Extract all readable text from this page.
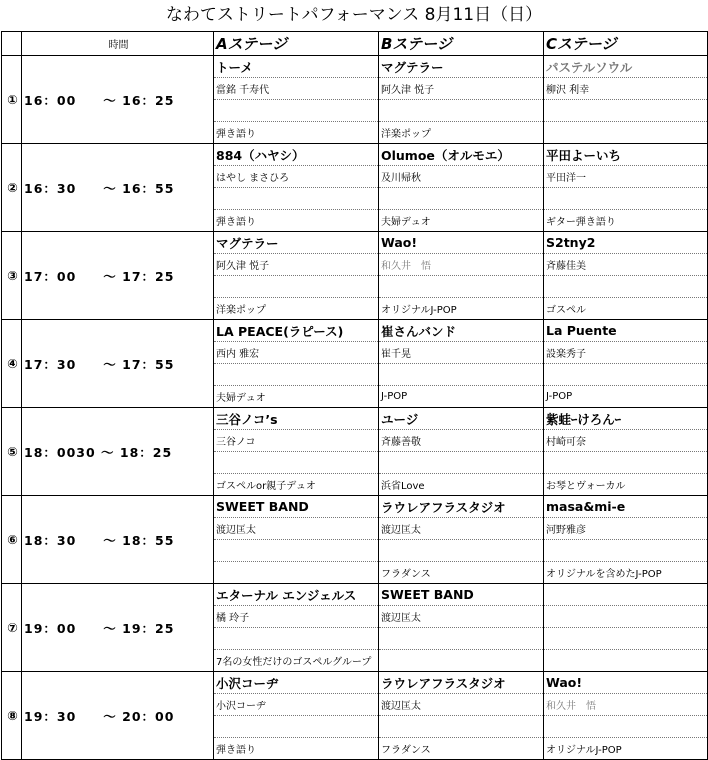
なわてストリートパフォーマンス 8月11日（日）
	時間	Aステージ	Bステージ	Cステージ
①	16：00　　〜 16：25	トーメ	マグテラー	パステルソウル
		當銘 千寿代	阿久津 悦子	柳沢 利幸

		弾き語り	洋楽ポップ	
②	16：30　　〜 16：55	884（ハヤシ）	Olumoe（オルモエ）	平田よーいち
		はやし まさひろ	及川帰秋	平田洋一

		弾き語り	夫婦デュオ	ギター弾き語り
③	17：00　　〜 17：25	マグテラー	Wao!	S2tny2
		阿久津 悦子	和久井　悟	斉藤佳美

		洋楽ポップ	オリジナルJ-POP	ゴスペル
④	17：30　　〜 17：55	LA PEACE(ラピース)	崔さんバンド	La Puente
		西内 雅宏	崔千晃	設楽秀子

		夫婦デュオ	J-POP	J-POP
⑤	18：0030 〜 18：25	三谷ノコ’s	ユージ	紫蛙ｰけろんｰ
		三谷ノコ	斉藤善敬	村崎可奈

		ゴスペルor親子デュオ	浜省Love	お琴とヴォーカル
⑥	18：30　　〜 18：55	SWEET BAND	ラウレアフラスタジオ	masa&mi-e
		渡辺匡太	渡辺匡太	河野雅彦

			フラダンス	オリジナルを含めたJ-POP
⑦	19：00　　〜 19：25	エターナル エンジェルス	SWEET BAND	
		橘 玲子	渡辺匡太	

		7名の女性だけのゴスペルグループ		
⑧	19：30　　〜 20：00	小沢コーヂ	ラウレアフラスタジオ	Wao!
		小沢コーヂ	渡辺匡太	和久井　悟

		弾き語り	フラダンス	オリジナルJ-POP
